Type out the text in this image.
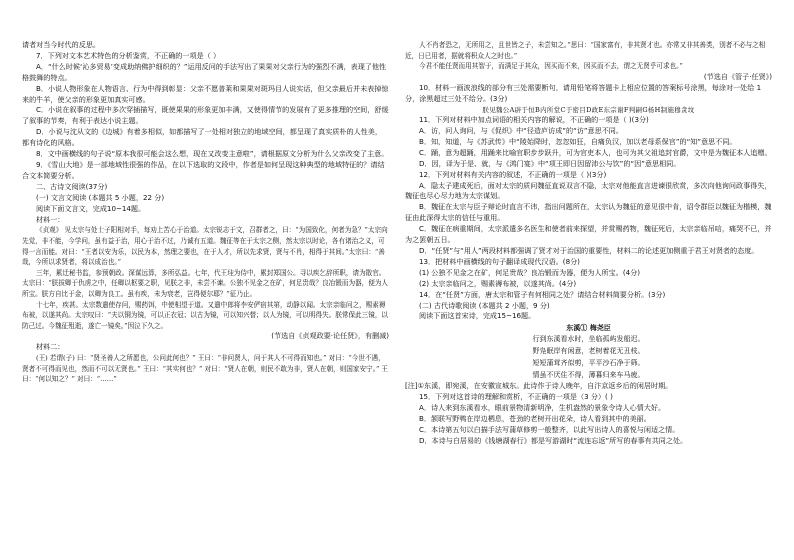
请者对当今时代的反思。

7．下列对文本艺术特色的分析鉴赏，不正确的一项是（ ）

A．“什么时候‘沁多贸易’变成助纳佛护细织的？”运用反问的手法写出了果果对父亲行为的强烈不满，表现了他性格鼓舞的特点。

B．小说人物形象在人物语言、行为中得到彰显：父亲不愿普莱和果果对斑玛目人说实话，但父亲最后并未表掉惊来的牛羊，使父亲的形象更加真实可感。

C．小说在叙事的过程中多次穿插描写，既使果果的形象更加丰满，又使得情节的发展有了更多推理的空间，舒缓了叙事的节奏，有利于表达小说主题。

D．小说与沈从文的《边城》有着多相似，如都描写了一处相对独立的地域空间，都呈现了真实质朴的人性美，都有诗化的风格。

8．文中画横线的句子说“原本我很可能会这么想，现在又改变主意啦”，请根据原文分析为什么父亲改变了主意。

9．《雪山大地》是一部地域性很强的作品，在以下选取的文段中，作者是如何呈现这种典型的地域特征的？请结合文本简要分析。

二、古诗文阅读(37分)

(一) 文言文阅读 (本题共 5 小题，22 分)

阅读下面文言文，完成10~14题。

材料一：

《贞观》 见太宗与处士子阳相对手，每劝上苦心于治道。太宗锐志于文，召群者之，曰：“为国致化，何者为急？”太宗向先觉，非不能，今学问，虽有益于治，用心于治不过，乃诚有五道。魏征等在于太宗之侧，然太宗以时论，各有诸治之义，可得一言而能。对曰：“王者以安为乐，以民为本，然理之要也，在于人才，所以先求贤，贤与不肖，相得于其间。”太宗曰：“善哉，今所以求贤者，将以成治也。”

三年，累迁秘书监，参预朝政。深谋远算，多所弘益。七年，代王珪为侍中，累封郑国公。寻以疾乞辞所职，请为散官。太宗曰：“朕拔卿于仇虏之中，任卿以枢要之职，见朕之非，未尝不谏。公独不见金之在矿，何足贵哉？良冶锻而为器，便为人所宝。朕方自比于金，以卿为良工。虽有疾，未为衰老，岂得便尔耶？”征乃止。

十七年，疾甚。太宗数遣使存问，赐药饵，中使相望于道。又遣中郎将李安俨宿其第，动静以闻。太宗亲临问之，赐素褥布被，以遂其尚。太宗叹曰：“夫以铜为镜，可以正衣冠；以古为镜，可以知兴替；以人为镜，可以明得失。朕常保此三镜，以防己过。今魏征殂逝，遂亡一镜矣。”因泣下久之。

(节选自《贞观政要·论任贤》，有删减)

材料二：

(王) 若谓(子) 曰：“贤圣善人之所愿也，公问此何也？” 王曰：“非问贤人，问于其人不可得而知也。” 对曰：“今世不遇，贤者不可得而见也，然而不可以无贤也。” 王曰：“其实何也？” 对曰：“贤人在朝，则民不敢为非，贤人在朝，则国家安宁。” 王曰：“何以知之？” 对曰：“……”

人不肖者恐之，无所用之，且世皆之子，未尝知之。”思曰：“国家富有，非其贤才也。亦常又非其善类，别者不必与之相近，日已用者，据就将积众人之时也。”

今君不能任贤而用其智于，而满足于其众，因买而不来，因买而不去，谓之无贤乎可求也。”

(节选自《管子·任贤》)

10．材料一画波浪线的部分有三处需要断句，请用铅笔将答题卡上相应位置的答案标号涂黑，每涂对一处给 1 分，涂黑超过三处不给分。(3分)

朕见魏公A辟于恒B内所堂C于密目D政E东宗谢F判嗣G杨H制施穆贪坟

11．下列对材料中加点词语的相关内容的解说，不正确的一项是（ )(3分)

A．访，问人询问，与《促织》中“径造庐访成”的“访”意思不同。

B．知，知道，与《苏武传》中“陵始降时，忽忽如狂，自痛负汉，加以老母系保宫”的“知”意思不同。

C．踊，意为超踊，用踊来比喻官职步步跃升，可为官吏本人，也可为其父祖追封官爵，文中是为魏征本人追赠。

D．因，译为于是、就，与《鸿门宴》中“项王即日因留沛公与饮”的“因”意思相同。

12．下列对材料有关内容的叙述，不正确的一项是（ )(3分)

A．隐太子建成死后，面对太宗的质问魏征直说双言不隐，太宗对他能直言进谏很欣赏，多次向他询问政事得失，魏征也尽心尽力地为太宗谋划。

B．魏征在太宗与臣子辩论时直言不讳，指出问题所在，太宗认为魏征的意见很中肯，诏令群臣以魏征为楷模，魏征由此深得太宗的信任与重用。

C．魏征在病重期间，太宗派遣多名医生和使者前来探望，并赏赐药物，魏征死后，太宗亲临吊唁，痛哭不已，并为之罢朝五日。

D．“任贤”与“用人”两段材料都强调了贤才对于治国的重要性，材料二的论述更加侧重于君王对贤者的态度。

13．把材料中画横线的句子翻译成现代汉语。(8分)

(1) 公独不见金之在矿，何足贵哉？良冶锻而为器，便为人所宝。(4分)

(2) 太宗亲临问之，赐素褥布被，以遂其尚。(4分)

14．在“任贤”方面，唐太宗和管子有何相同之处？请结合材料简要分析。(3分)

(二) 古代诗歌阅读 (本题共 2 小题，9 分)

阅读下面这首宋诗，完成15~16题。

东溪① 梅尧臣

行到东溪看水时，坐临孤屿发船迟。

野凫眠岸有闲意，老树着花无丑枝。

短短蒲茸齐似剪，平平沙石净于筛。

情虽不厌住不得，薄暮归来车马疲。

[注]①东溪，即宛溪，在安徽宣城东。此诗作于诗人晚年，自汴京返乡后的闲居时期。

15．下列对这首诗的理解和赏析，不正确的一项是（3 分）( )

A．诗人来到东溪看水，眼前景物清新明净，生机盎然的景象令诗人心情大好。

B．颔联写野鸭在岸边栖息，苍劲的老树开出花朵，诗人看到其中的美丽。

C．本诗第五句以白描手法写蒲草修剪一般整齐，以此写出诗人的喜悦与闲适之情。

D．本诗与白居易的《钱塘湖春行》都是写游湖时“流连忘返”所写的春事有共同之处。
